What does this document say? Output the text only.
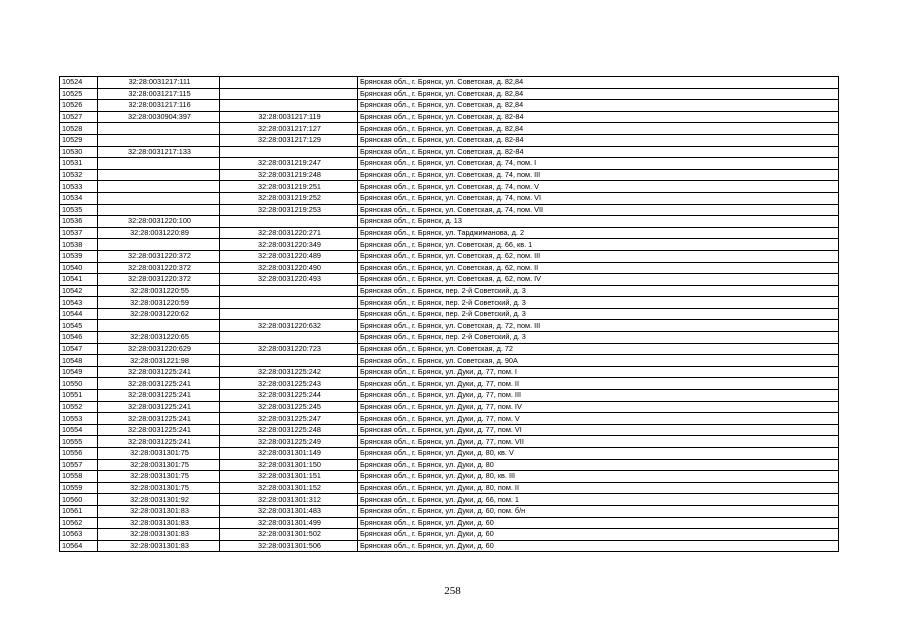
10524	32:28:0031217:111		Брянская обл., г. Брянск, ул. Советская, д. 82,84
10525	32:28:0031217:115		Брянская обл., г. Брянск, ул. Советская, д. 82,84
10526	32:28:0031217:116		Брянская обл., г. Брянск, ул. Советская, д. 82,84
10527	32:28:0030904:397	32:28:0031217:119	Брянская обл., г. Брянск, ул. Советская, д. 82-84
10528		32:28:0031217:127	Брянская обл., г. Брянск, ул. Советская, д. 82,84
10529		32:28:0031217:129	Брянская обл., г. Брянск, ул. Советская, д. 82-84
10530	32:28:0031217:133		Брянская обл., г. Брянск, ул. Советская, д. 82-84
10531		32:28:0031219:247	Брянская обл., г. Брянск, ул. Советская, д. 74, пом. I
10532		32:28:0031219:248	Брянская обл., г. Брянск, ул. Советская, д. 74, пом. III
10533		32:28:0031219:251	Брянская обл., г. Брянск, ул. Советская, д. 74, пом. V
10534		32:28:0031219:252	Брянская обл., г. Брянск, ул. Советская, д. 74, пом. VI
10535		32:28:0031219:253	Брянская обл., г. Брянск, ул. Советская, д. 74, пом. VII
10536	32:28:0031220:100		Брянская обл., г. Брянск, д. 13
10537	32:28:0031220:89	32:28:0031220:271	Брянская обл., г. Брянск, ул. Тарджиманова, д. 2
10538		32:28:0031220:349	Брянская обл., г. Брянск, ул. Советская, д. 66, кв. 1
10539	32:28:0031220:372	32:28:0031220:489	Брянская обл., г. Брянск, ул. Советская, д. 62, пом. III
10540	32:28:0031220:372	32:28:0031220:490	Брянская обл., г. Брянск, ул. Советская, д. 62, пом. II
10541	32:28:0031220:372	32:28:0031220:493	Брянская обл., г. Брянск, ул. Советская, д. 62, пом. IV
10542	32:28:0031220:55		Брянская обл., г. Брянск, пер. 2-й Советский, д. 3
10543	32:28:0031220:59		Брянская обл., г. Брянск, пер. 2-й Советский, д. 3
10544	32:28:0031220:62		Брянская обл., г. Брянск, пер. 2-й Советский, д. 3
10545		32:28:0031220:632	Брянская обл., г. Брянск, ул. Советская, д. 72, пом. III
10546	32:28:0031220:65		Брянская обл., г. Брянск, пер. 2-й Советский, д. 3
10547	32:28:0031220:629	32:28:0031220:723	Брянская обл., г. Брянск, ул. Советская, д. 72
10548	32:28:0031221:98		Брянская обл., г. Брянск, ул. Советская, д. 90А
10549	32:28:0031225:241	32:28:0031225:242	Брянская обл., г. Брянск, ул. Дуки, д. 77, пом. I
10550	32:28:0031225:241	32:28:0031225:243	Брянская обл., г. Брянск, ул. Дуки, д. 77, пом. II
10551	32:28:0031225:241	32:28:0031225:244	Брянская обл., г. Брянск, ул. Дуки, д. 77, пом. III
10552	32:28:0031225:241	32:28:0031225:245	Брянская обл., г. Брянск, ул. Дуки, д. 77, пом. IV
10553	32:28:0031225:241	32:28:0031225:247	Брянская обл., г. Брянск, ул. Дуки, д. 77, пом. V
10554	32:28:0031225:241	32:28:0031225:248	Брянская обл., г. Брянск, ул. Дуки, д. 77, пом. VI
10555	32:28:0031225:241	32:28:0031225:249	Брянская обл., г. Брянск, ул. Дуки, д. 77, пом. VII
10556	32:28:0031301:75	32:28:0031301:149	Брянская обл., г. Брянск, ул. Дуки, д. 80, кв. V
10557	32:28:0031301:75	32:28:0031301:150	Брянская обл., г. Брянск, ул. Дуки, д. 80
10558	32:28:0031301:75	32:28:0031301:151	Брянская обл., г. Брянск, ул. Дуки, д. 80, кв. III
10559	32:28:0031301:75	32:28:0031301:152	Брянская обл., г. Брянск, ул. Дуки, д. 80, пом. II
10560	32:28:0031301:92	32:28:0031301:312	Брянская обл., г. Брянск, ул. Дуки, д. 66, пом. 1
10561	32:28:0031301:83	32:28:0031301:483	Брянская обл., г. Брянск, ул. Дуки, д. 60, пом. б/н
10562	32:28:0031301:83	32:28:0031301:499	Брянская обл., г. Брянск, ул. Дуки, д. 60
10563	32:28:0031301:83	32:28:0031301:502	Брянская обл., г. Брянск, ул. Дуки, д. 60
10564	32:28:0031301:83	32:28:0031301:506	Брянская обл., г. Брянск, ул. Дуки, д. 60
258
